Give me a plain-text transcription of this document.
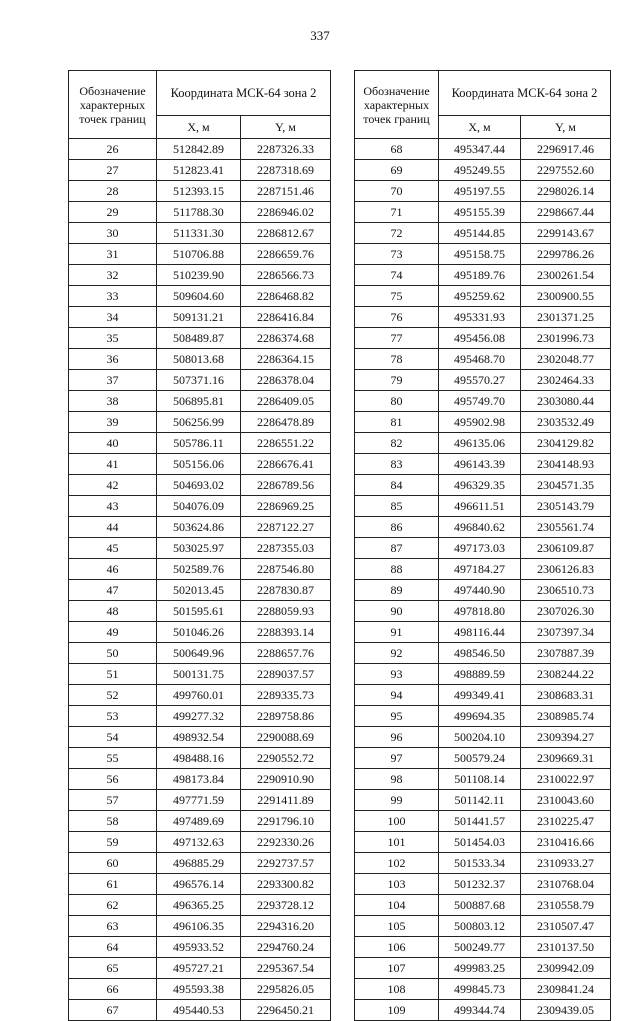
337
Обозначение характерных точек границ	Координата МСК-64 зона 2	
	X, м	Y, м
26	512842.89	2287326.33
27	512823.41	2287318.69
28	512393.15	2287151.46
29	511788.30	2286946.02
30	511331.30	2286812.67
31	510706.88	2286659.76
32	510239.90	2286566.73
33	509604.60	2286468.82
34	509131.21	2286416.84
35	508489.87	2286374.68
36	508013.68	2286364.15
37	507371.16	2286378.04
38	506895.81	2286409.05
39	506256.99	2286478.89
40	505786.11	2286551.22
41	505156.06	2286676.41
42	504693.02	2286789.56
43	504076.09	2286969.25
44	503624.86	2287122.27
45	503025.97	2287355.03
46	502589.76	2287546.80
47	502013.45	2287830.87
48	501595.61	2288059.93
49	501046.26	2288393.14
50	500649.96	2288657.76
51	500131.75	2289037.57
52	499760.01	2289335.73
53	499277.32	2289758.86
54	498932.54	2290088.69
55	498488.16	2290552.72
56	498173.84	2290910.90
57	497771.59	2291411.89
58	497489.69	2291796.10
59	497132.63	2292330.26
60	496885.29	2292737.57
61	496576.14	2293300.82
62	496365.25	2293728.12
63	496106.35	2294316.20
64	495933.52	2294760.24
65	495727.21	2295367.54
66	495593.38	2295826.05
67	495440.53	2296450.21
Обозначение характерных точек границ	Координата МСК-64 зона 2	
	X, м	Y, м
68	495347.44	2296917.46
69	495249.55	2297552.60
70	495197.55	2298026.14
71	495155.39	2298667.44
72	495144.85	2299143.67
73	495158.75	2299786.26
74	495189.76	2300261.54
75	495259.62	2300900.55
76	495331.93	2301371.25
77	495456.08	2301996.73
78	495468.70	2302048.77
79	495570.27	2302464.33
80	495749.70	2303080.44
81	495902.98	2303532.49
82	496135.06	2304129.82
83	496143.39	2304148.93
84	496329.35	2304571.35
85	496611.51	2305143.79
86	496840.62	2305561.74
87	497173.03	2306109.87
88	497184.27	2306126.83
89	497440.90	2306510.73
90	497818.80	2307026.30
91	498116.44	2307397.34
92	498546.50	2307887.39
93	498889.59	2308244.22
94	499349.41	2308683.31
95	499694.35	2308985.74
96	500204.10	2309394.27
97	500579.24	2309669.31
98	501108.14	2310022.97
99	501142.11	2310043.60
100	501441.57	2310225.47
101	501454.03	2310416.66
102	501533.34	2310933.27
103	501232.37	2310768.04
104	500887.68	2310558.79
105	500803.12	2310507.47
106	500249.77	2310137.50
107	499983.25	2309942.09
108	499845.73	2309841.24
109	499344.74	2309439.05
